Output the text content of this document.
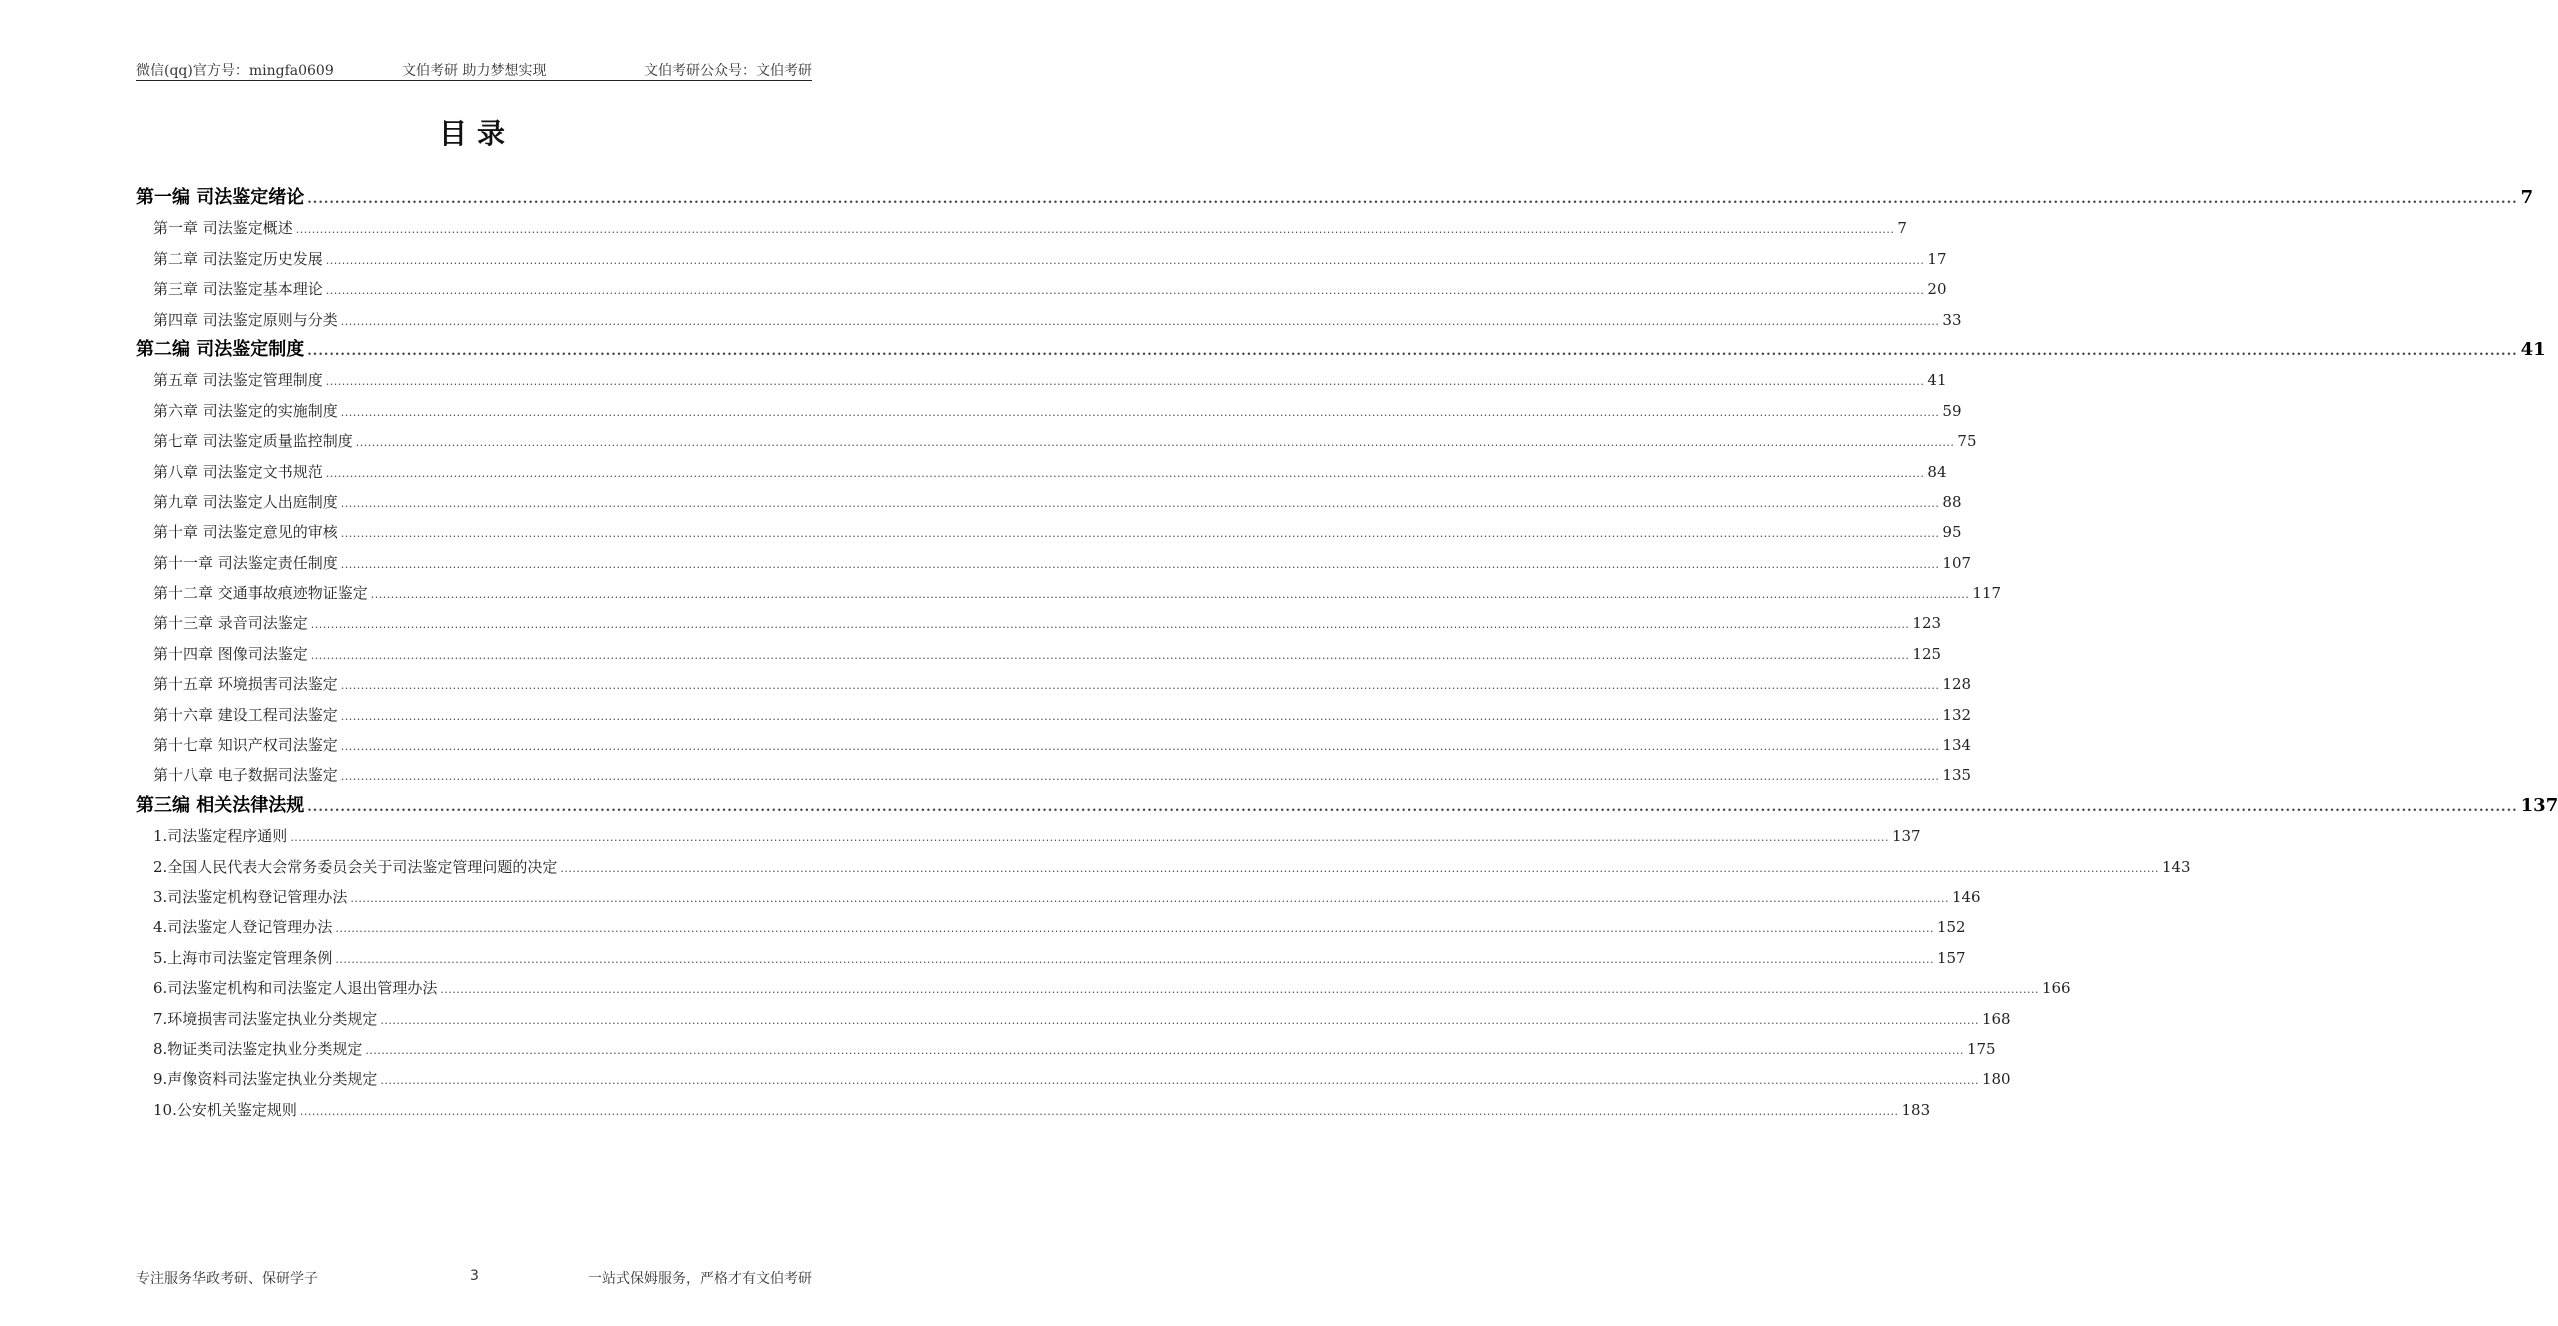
微信(qq)官方号：mingfa0609	文伯考研 助力梦想实现	文伯考研公众号：文伯考研
目录
第一编 司法鉴定绪论 ................................................................................................................................................................................................................................................................................................................................................................................................................ 7
第一章 司法鉴定概述 ................................................................................................................................................................................................................................................................................................................................................................................................................ 7
第二章 司法鉴定历史发展 ................................................................................................................................................................................................................................................................................................................................................................................................................ 17
第三章 司法鉴定基本理论 ................................................................................................................................................................................................................................................................................................................................................................................................................ 20
第四章 司法鉴定原则与分类 ................................................................................................................................................................................................................................................................................................................................................................................................................ 33
第二编 司法鉴定制度 ................................................................................................................................................................................................................................................................................................................................................................................................................ 41
第五章 司法鉴定管理制度 ................................................................................................................................................................................................................................................................................................................................................................................................................ 41
第六章 司法鉴定的实施制度 ................................................................................................................................................................................................................................................................................................................................................................................................................ 59
第七章 司法鉴定质量监控制度 ................................................................................................................................................................................................................................................................................................................................................................................................................ 75
第八章 司法鉴定文书规范 ................................................................................................................................................................................................................................................................................................................................................................................................................ 84
第九章 司法鉴定人出庭制度 ................................................................................................................................................................................................................................................................................................................................................................................................................ 88
第十章 司法鉴定意见的审核 ................................................................................................................................................................................................................................................................................................................................................................................................................ 95
第十一章 司法鉴定责任制度 ................................................................................................................................................................................................................................................................................................................................................................................................................ 107
第十二章 交通事故痕迹物证鉴定 ................................................................................................................................................................................................................................................................................................................................................................................................................ 117
第十三章 录音司法鉴定 ................................................................................................................................................................................................................................................................................................................................................................................................................ 123
第十四章 图像司法鉴定 ................................................................................................................................................................................................................................................................................................................................................................................................................ 125
第十五章 环境损害司法鉴定 ................................................................................................................................................................................................................................................................................................................................................................................................................ 128
第十六章 建设工程司法鉴定 ................................................................................................................................................................................................................................................................................................................................................................................................................ 132
第十七章 知识产权司法鉴定 ................................................................................................................................................................................................................................................................................................................................................................................................................ 134
第十八章 电子数据司法鉴定 ................................................................................................................................................................................................................................................................................................................................................................................................................ 135
第三编 相关法律法规 ................................................................................................................................................................................................................................................................................................................................................................................................................ 137
1.司法鉴定程序通则 ................................................................................................................................................................................................................................................................................................................................................................................................................ 137
2.全国人民代表大会常务委员会关于司法鉴定管理问题的决定 ................................................................................................................................................................................................................................................................................................................................................................................................................ 143
3.司法鉴定机构登记管理办法 ................................................................................................................................................................................................................................................................................................................................................................................................................ 146
4.司法鉴定人登记管理办法 ................................................................................................................................................................................................................................................................................................................................................................................................................ 152
5.上海市司法鉴定管理条例 ................................................................................................................................................................................................................................................................................................................................................................................................................ 157
6.司法鉴定机构和司法鉴定人退出管理办法 ................................................................................................................................................................................................................................................................................................................................................................................................................ 166
7.环境损害司法鉴定执业分类规定 ................................................................................................................................................................................................................................................................................................................................................................................................................ 168
8.物证类司法鉴定执业分类规定 ................................................................................................................................................................................................................................................................................................................................................................................................................ 175
9.声像资料司法鉴定执业分类规定 ................................................................................................................................................................................................................................................................................................................................................................................................................ 180
10.公安机关鉴定规则 ................................................................................................................................................................................................................................................................................................................................................................................................................ 183
专注服务华政考研、保研学子	3	一站式保姆服务，严格才有文伯考研
